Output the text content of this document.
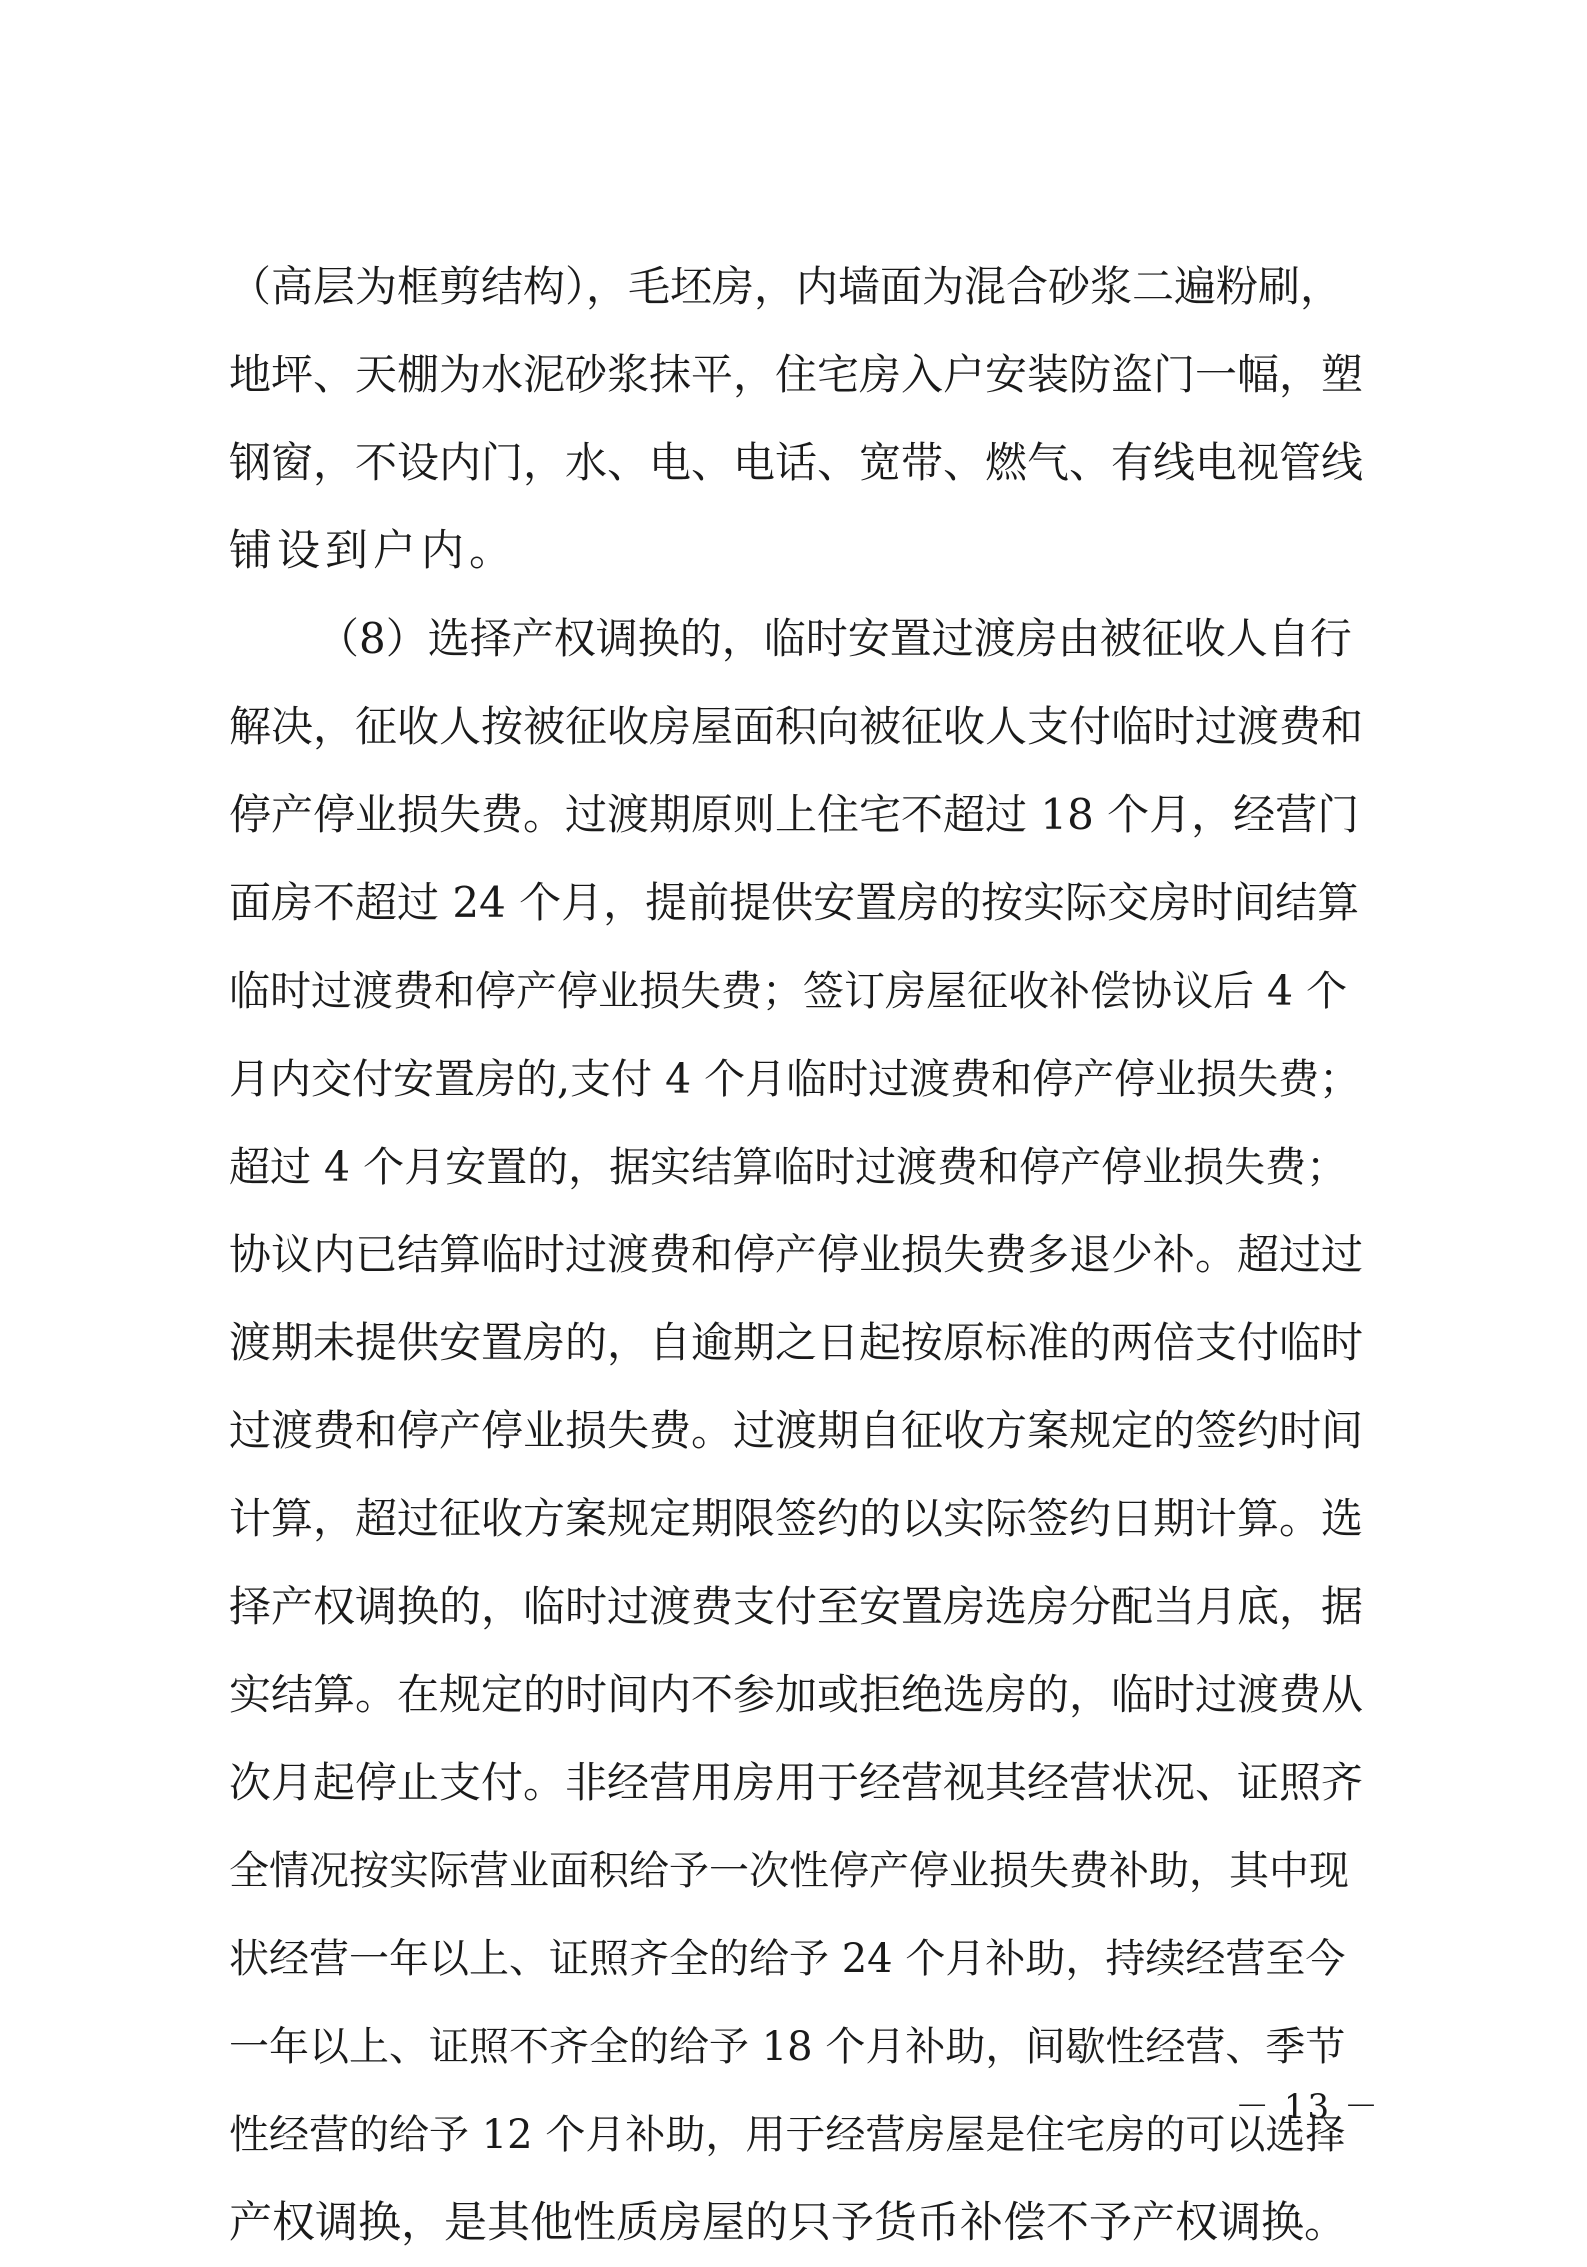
（高层为框剪结构），毛坯房，内墙面为混合砂浆二遍粉刷，
地坪、天棚为水泥砂浆抹平，住宅房入户安装防盗门一幅，塑
钢窗，不设内门，水、电、电话、宽带、燃气、有线电视管线
铺设到户内。
（8）选择产权调换的，临时安置过渡房由被征收人自行
解决，征收人按被征收房屋面积向被征收人支付临时过渡费和
停产停业损失费。过渡期原则上住宅不超过 18 个月，经营门
面房不超过 24 个月，提前提供安置房的按实际交房时间结算
临时过渡费和停产停业损失费；签订房屋征收补偿协议后 4 个
月内交付安置房的,支付 4 个月临时过渡费和停产停业损失费；
超过 4 个月安置的，据实结算临时过渡费和停产停业损失费；
协议内已结算临时过渡费和停产停业损失费多退少补。超过过
渡期未提供安置房的，自逾期之日起按原标准的两倍支付临时
过渡费和停产停业损失费。过渡期自征收方案规定的签约时间
计算，超过征收方案规定期限签约的以实际签约日期计算。选
择产权调换的，临时过渡费支付至安置房选房分配当月底，据
实结算。在规定的时间内不参加或拒绝选房的，临时过渡费从
次月起停止支付。非经营用房用于经营视其经营状况、证照齐
全情况按实际营业面积给予一次性停产停业损失费补助，其中现
状经营一年以上、证照齐全的给予 24 个月补助，持续经营至今
一年以上、证照不齐全的给予 18 个月补助，间歇性经营、季节
性经营的给予 12 个月补助，用于经营房屋是住宅房的可以选择
产权调换，是其他性质房屋的只予货币补偿不予产权调换。
－ 13 －
